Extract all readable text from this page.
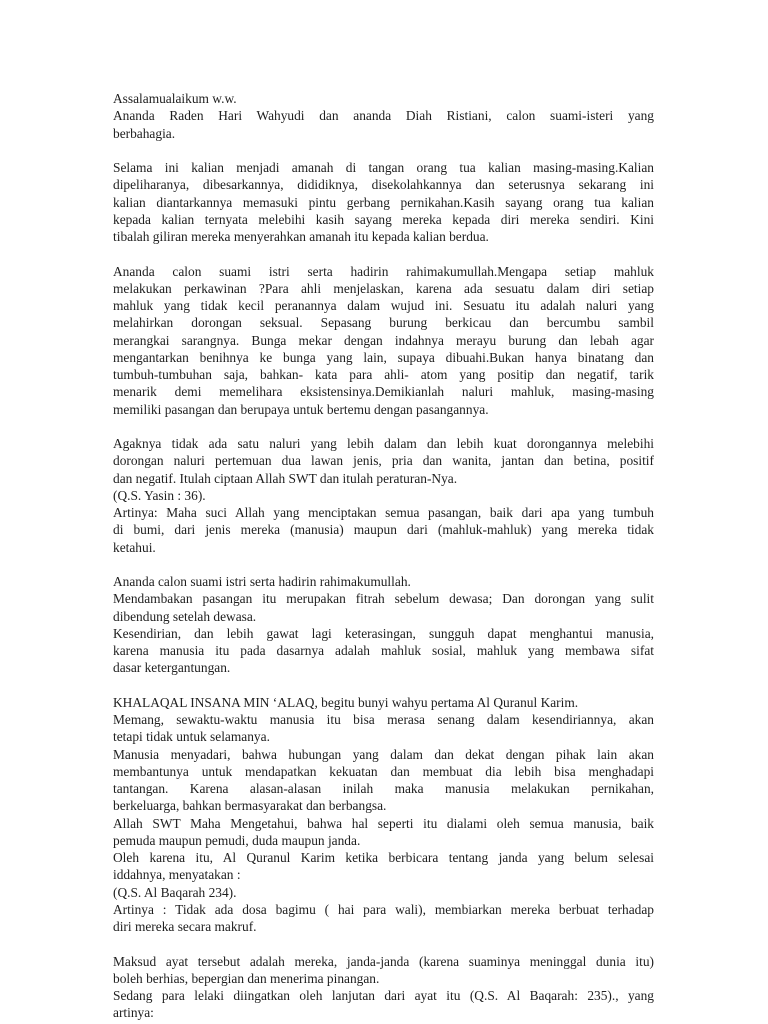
Assalamualaikum w.w.
Ananda Raden Hari Wahyudi dan ananda Diah Ristiani, calon suami-isteri yang
berbahagia.
Selama ini kalian menjadi amanah di tangan orang tua kalian masing-masing.Kalian
dipeliharanya, dibesarkannya, dididiknya, disekolahkannya dan seterusnya sekarang ini
kalian diantarkannya memasuki pintu gerbang pernikahan.Kasih sayang orang tua kalian
kepada kalian ternyata melebihi kasih sayang mereka kepada diri mereka sendiri. Kini
tibalah giliran mereka menyerahkan amanah itu kepada kalian berdua.
Ananda calon suami istri serta hadirin rahimakumullah.Mengapa setiap mahluk
melakukan perkawinan ?Para ahli menjelaskan, karena ada sesuatu dalam diri setiap
mahluk yang tidak kecil peranannya dalam wujud ini. Sesuatu itu adalah naluri yang
melahirkan dorongan seksual. Sepasang burung berkicau dan bercumbu sambil
merangkai sarangnya. Bunga mekar dengan indahnya merayu burung dan lebah agar
mengantarkan benihnya ke bunga yang lain, supaya dibuahi.Bukan hanya binatang dan
tumbuh-tumbuhan saja, bahkan- kata para ahli- atom yang positip dan negatif, tarik
menarik demi memelihara eksistensinya.Demikianlah naluri mahluk, masing-masing
memiliki pasangan dan berupaya untuk bertemu dengan pasangannya.
Agaknya tidak ada satu naluri yang lebih dalam dan lebih kuat dorongannya melebihi
dorongan naluri pertemuan dua lawan jenis, pria dan wanita, jantan dan betina, positif
dan negatif. Itulah ciptaan Allah SWT dan itulah peraturan-Nya.
(Q.S. Yasin : 36).
Artinya: Maha suci Allah yang menciptakan semua pasangan, baik dari apa yang tumbuh
di bumi, dari jenis mereka (manusia) maupun dari (mahluk-mahluk) yang mereka tidak
ketahui.
Ananda calon suami istri serta hadirin rahimakumullah.
Mendambakan pasangan itu merupakan fitrah sebelum dewasa; Dan dorongan yang sulit
dibendung setelah dewasa.
Kesendirian, dan lebih gawat lagi keterasingan, sungguh dapat menghantui manusia,
karena manusia itu pada dasarnya adalah mahluk sosial, mahluk yang membawa sifat
dasar ketergantungan.
KHALAQAL INSANA MIN ‘ALAQ, begitu bunyi wahyu pertama Al Quranul Karim.
Memang, sewaktu-waktu manusia itu bisa merasa senang dalam kesendiriannya, akan
tetapi tidak untuk selamanya.
Manusia menyadari, bahwa hubungan yang dalam dan dekat dengan pihak lain akan
membantunya untuk mendapatkan kekuatan dan membuat dia lebih bisa menghadapi
tantangan. Karena alasan-alasan inilah maka manusia melakukan pernikahan,
berkeluarga, bahkan bermasyarakat dan berbangsa.
Allah SWT Maha Mengetahui, bahwa hal seperti itu dialami oleh semua manusia, baik
pemuda maupun pemudi, duda maupun janda.
Oleh karena itu, Al Quranul Karim ketika berbicara tentang janda yang belum selesai
iddahnya, menyatakan :
(Q.S. Al Baqarah 234).
Artinya : Tidak ada dosa bagimu ( hai para wali), membiarkan mereka berbuat terhadap
diri mereka secara makruf.
Maksud ayat tersebut adalah mereka, janda-janda (karena suaminya meninggal dunia itu)
boleh berhias, bepergian dan menerima pinangan.
Sedang para lelaki diingatkan oleh lanjutan dari ayat itu (Q.S. Al Baqarah: 235)., yang
artinya:
